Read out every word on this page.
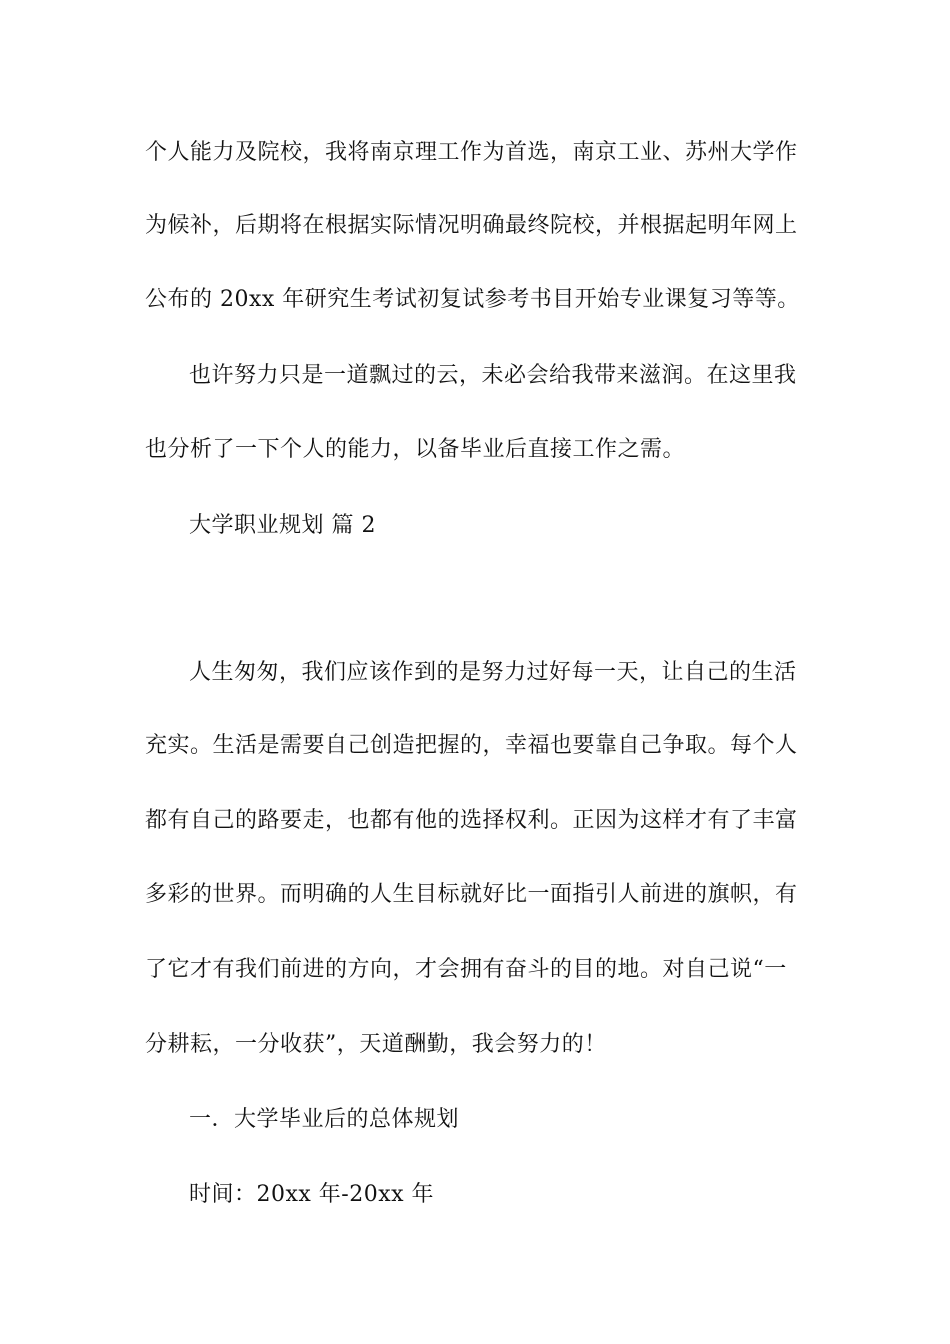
个人能力及院校，我将南京理工作为首选，南京工业、苏州大学作
为候补，后期将在根据实际情况明确最终院校，并根据起明年网上
公布的 20xx 年研究生考试初复试参考书目开始专业课复习等等。
也许努力只是一道飘过的云，未必会给我带来滋润。在这里我
也分析了一下个人的能力，以备毕业后直接工作之需。
大学职业规划 篇 2
人生匆匆，我们应该作到的是努力过好每一天，让自己的生活
充实。生活是需要自己创造把握的，幸福也要靠自己争取。每个人
都有自己的路要走，也都有他的选择权利。正因为这样才有了丰富
多彩的世界。而明确的人生目标就好比一面指引人前进的旗帜，有
了它才有我们前进的方向，才会拥有奋斗的目的地。对自己说“一
分耕耘，一分收获”，天道酬勤，我会努力的！
一．大学毕业后的总体规划
时间：20xx 年-20xx 年
